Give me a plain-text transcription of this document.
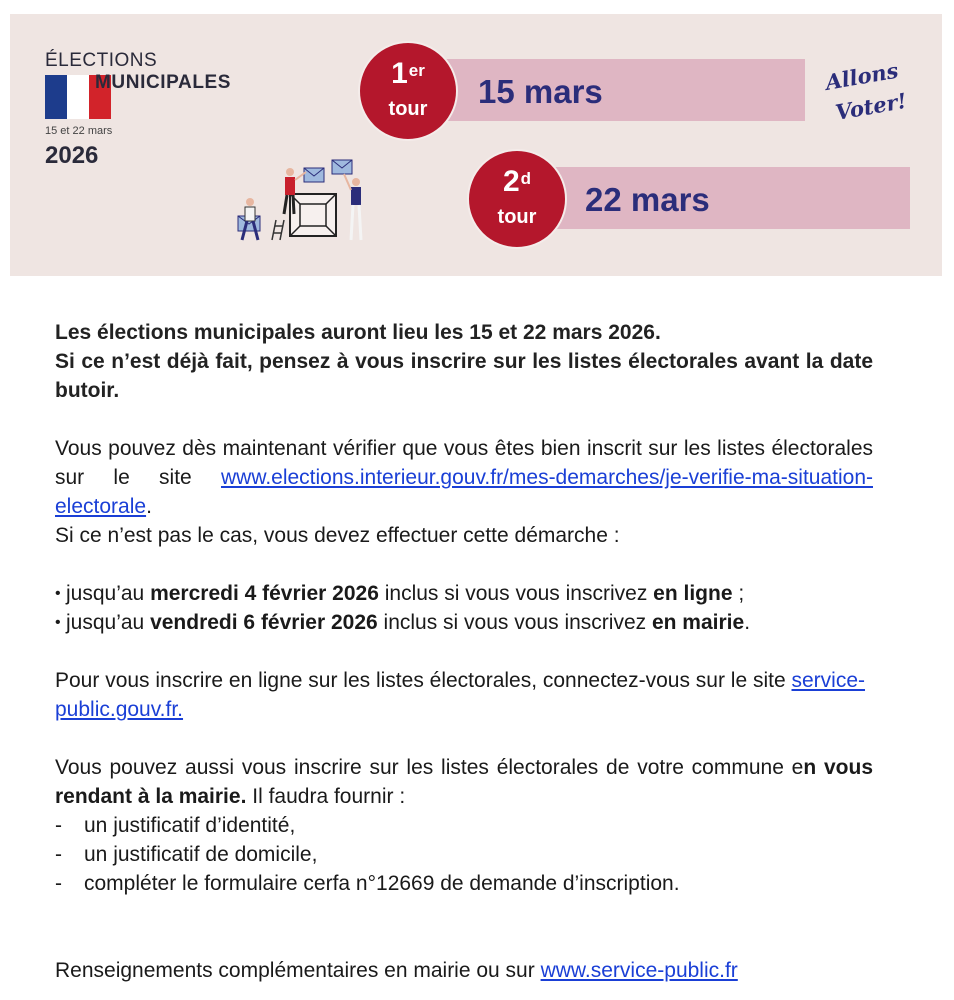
ÉLECTIONS
MUNICIPALES
15 et 22 mars
2026
15 mars
1er
tour
22 mars
2$^d$
tour
Allons
Voter!

Les élections municipales auront lieu les 15 et 22 mars 2026.

Si ce n’est déjà fait, pensez à vous inscrire sur les listes électorales avant la date butoir.

Vous pouvez dès maintenant vérifier que vous êtes bien inscrit sur les listes électorales sur le site www.elections.interieur.gouv.fr/mes-demarches/je-verifie-ma-situation-electorale.

Si ce n’est pas le cas, vous devez effectuer cette démarche :

• jusqu’au mercredi 4 février 2026 inclus si vous vous inscrivez en ligne ;
• jusqu’au vendredi 6 février 2026 inclus si vous vous inscrivez en mairie.

Pour vous inscrire en ligne sur les listes électorales, connectez-vous sur le site service-public.gouv.fr.

Vous pouvez aussi vous inscrire sur les listes électorales de votre commune en vous rendant à la mairie. Il faudra fournir :

-	un justificatif d’identité,
-	un justificatif de domicile,
-	compléter le formulaire cerfa n°12669 de demande d’inscription.

Renseignements complémentaires en mairie ou sur www.service-public.fr
